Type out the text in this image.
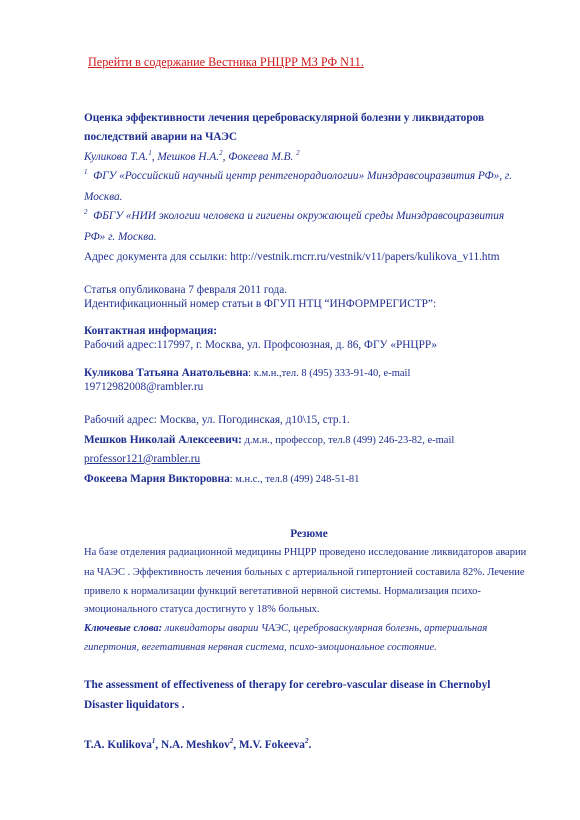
Перейти в содержание Вестника РНЦРР МЗ РФ N11.
Оценка эффективности лечения цереброваскулярной болезни у ликвидаторов
последствий аварии на ЧАЭС
Куликова Т.А.$^1$, Мешков Н.А.$^2$, Фокеева М.В. $^2$
$^1$ ФГУ «Российский научный центр рентгенорадиологии» Минздравсоцразвития РФ», г.
Москва.
$^2$ ФБГУ «НИИ экологии человека и гигиены окружающей среды Минздравсоцразвития
РФ» г. Москва.
Адрес документа для ссылки: http://vestnik.rncrr.ru/vestnik/v11/papers/kulikova_v11.htm
Статья опубликована 7 февраля 2011 года.
Идентификационный номер статьи в ФГУП НТЦ “ИНФОРМРЕГИСТР”:
Контактная информация:
Рабочий адрес:117997, г. Москва, ул. Профсоюзная, д. 86, ФГУ «РНЦРР»
Куликова Татьяна Анатольевна: к.м.н.,тел. 8 (495) 333-91-40, e-mail
19712982008@rambler.ru
Рабочий адрес: Москва, ул. Погодинская, д10\15, стр.1.
Мешков Николай Алексеевич: д.м.н., профессор, тел.8 (499) 246-23-82, e-mail
professor121@rambler.ru
Фокеева Мария Викторовна: м.н.с., тел.8 (499) 248-51-81
Резюме
На базе отделения радиационной медицины РНЦРР проведено исследование ликвидаторов аварии
на ЧАЭС . Эффективность лечения больных с артериальной гипертонией составила 82%. Лечение
привело к нормализации функций вегетативной нервной системы. Нормализация психо-
эмоционального статуса достигнуто у 18% больных.
Ключевые слова: ликвидаторы аварии ЧАЭС, цереброваскулярная болезнь, артериальная
гипертония, вегетативная нервная система, психо-эмоциональное состояние.
The assessment of effectiveness of therapy for cerebro-vascular disease in Chernobyl
Disaster liquidators .
T.A. Kulikova$^1$, N.A. Meshkov$^2$, M.V. Fokeeva$^2$.
